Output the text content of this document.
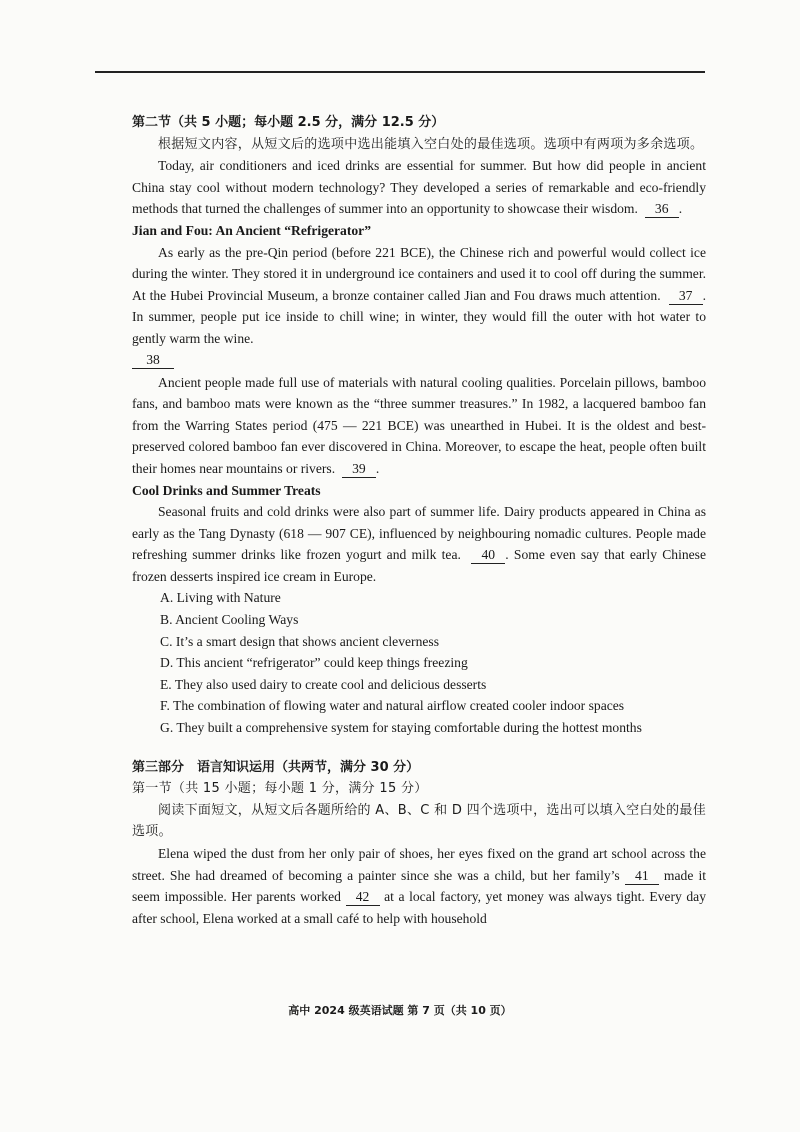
第二节（共 5 小题；每小题 2.5 分，满分 12.5 分）

根据短文内容，从短文后的选项中选出能填入空白处的最佳选项。选项中有两项为多余选项。

Today, air conditioners and iced drinks are essential for summer. But how did people in ancient China stay cool without modern technology? They developed a series of remarkable and eco-friendly methods that turned the challenges of summer into an opportunity to showcase their wisdom. 36 .

Jian and Fou: An Ancient “Refrigerator”

As early as the pre-Qin period (before 221 BCE), the Chinese rich and powerful would collect ice during the winter. They stored it in underground ice containers and used it to cool off during the summer. At the Hubei Provincial Museum, a bronze container called Jian and Fou draws much attention. 37 . In summer, people put ice inside to chill wine; in winter, they would fill the outer with hot water to gently warm the wine.

38

Ancient people made full use of materials with natural cooling qualities. Porcelain pillows, bamboo fans, and bamboo mats were known as the “three summer treasures.” In 1982, a lacquered bamboo fan from the Warring States period (475 — 221 BCE) was unearthed in Hubei. It is the oldest and best-preserved colored bamboo fan ever discovered in China. Moreover, to escape the heat, people often built their homes near mountains or rivers. 39 .

Cool Drinks and Summer Treats

Seasonal fruits and cold drinks were also part of summer life. Dairy products appeared in China as early as the Tang Dynasty (618 — 907 CE), influenced by neighbouring nomadic cultures. People made refreshing summer drinks like frozen yogurt and milk tea. 40 . Some even say that early Chinese frozen desserts inspired ice cream in Europe.

A. Living with Nature
B. Ancient Cooling Ways
C. It’s a smart design that shows ancient cleverness
D. This ancient “refrigerator” could keep things freezing
E. They also used dairy to create cool and delicious desserts
F. The combination of flowing water and natural airflow created cooler indoor spaces
G. They built a comprehensive system for staying comfortable during the hottest months

第三部分　语言知识运用（共两节，满分 30 分）

第一节（共 15 小题；每小题 1 分，满分 15 分）

阅读下面短文，从短文后各题所给的 A、B、C 和 D 四个选项中，选出可以填入空白处的最佳选项。

Elena wiped the dust from her only pair of shoes, her eyes fixed on the grand art school across the street. She had dreamed of becoming a painter since she was a child, but her family’s 41 made it seem impossible. Her parents worked 42 at a local factory, yet money was always tight. Every day after school, Elena worked at a small café to help with household

高中 2024 级英语试题 第 7 页（共 10 页）
